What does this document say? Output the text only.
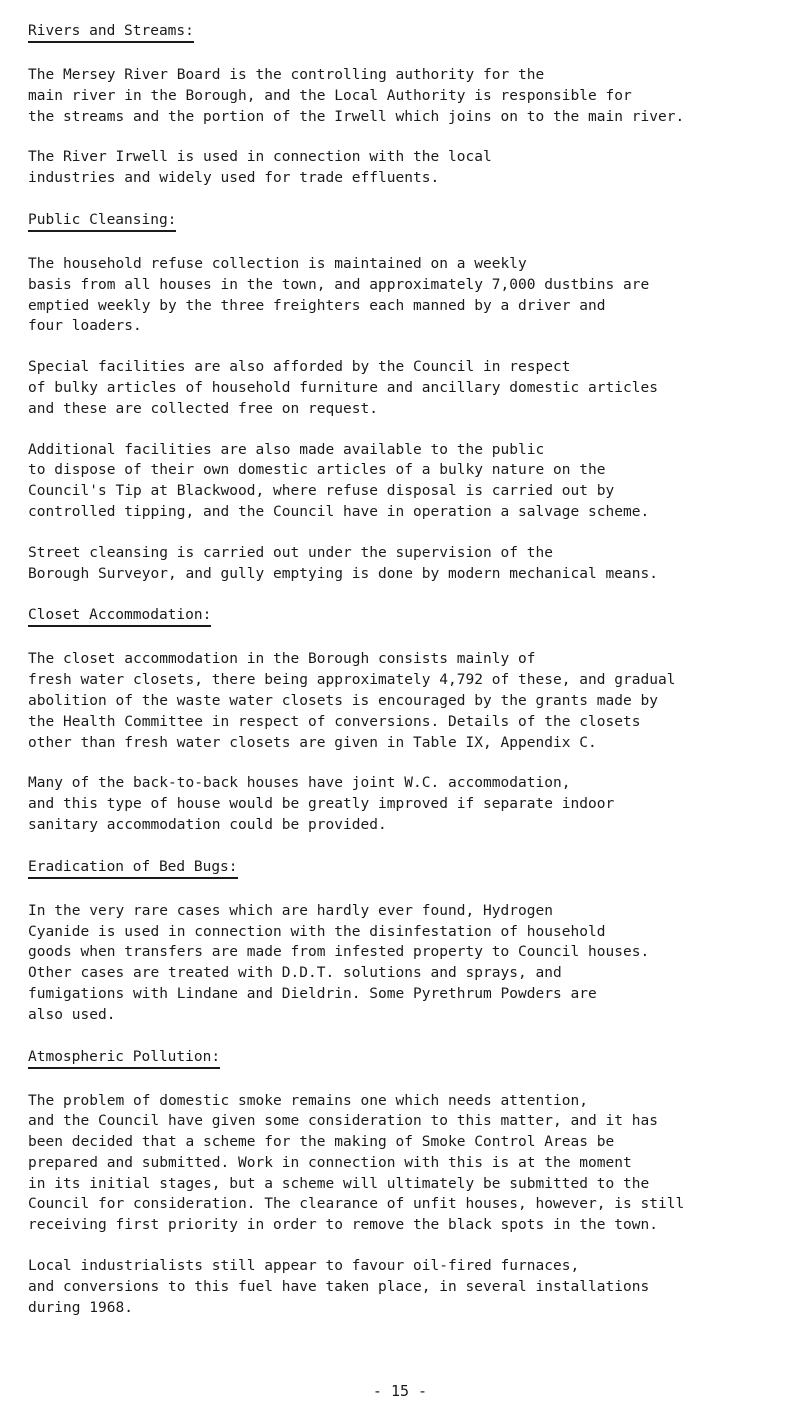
Rivers and Streams:
The Mersey River Board is the controlling authority for the
main river in the Borough, and the Local Authority is responsible for
the streams and the portion of the Irwell which joins on to the main river.
The River Irwell is used in connection with the local
industries and widely used for trade effluents.
Public Cleansing:
The household refuse collection is maintained on a weekly
basis from all houses in the town, and approximately 7,000 dustbins are
emptied weekly by the three freighters each manned by a driver and
four loaders.
Special facilities are also afforded by the Council in respect
of bulky articles of household furniture and ancillary domestic articles
and these are collected free on request.
Additional facilities are also made available to the public
to dispose of their own domestic articles of a bulky nature on the
Council's Tip at Blackwood, where refuse disposal is carried out by
controlled tipping, and the Council have in operation a salvage scheme.
Street cleansing is carried out under the supervision of the
Borough Surveyor, and gully emptying is done by modern mechanical means.
Closet Accommodation:
The closet accommodation in the Borough consists mainly of
fresh water closets, there being approximately 4,792 of these, and gradual
abolition of the waste water closets is encouraged by the grants made by
the Health Committee in respect of conversions. Details of the closets
other than fresh water closets are given in Table IX, Appendix C.
Many of the back-to-back houses have joint W.C. accommodation,
and this type of house would be greatly improved if separate indoor
sanitary accommodation could be provided.
Eradication of Bed Bugs:
In the very rare cases which are hardly ever found, Hydrogen
Cyanide is used in connection with the disinfestation of household
goods when transfers are made from infested property to Council houses.
Other cases are treated with D.D.T. solutions and sprays, and
fumigations with Lindane and Dieldrin. Some Pyrethrum Powders are
also used.
Atmospheric Pollution:
The problem of domestic smoke remains one which needs attention,
and the Council have given some consideration to this matter, and it has
been decided that a scheme for the making of Smoke Control Areas be
prepared and submitted. Work in connection with this is at the moment
in its initial stages, but a scheme will ultimately be submitted to the
Council for consideration. The clearance of unfit houses, however, is still
receiving first priority in order to remove the black spots in the town.
Local industrialists still appear to favour oil-fired furnaces,
and conversions to this fuel have taken place, in several installations
during 1968.
- 15 -
